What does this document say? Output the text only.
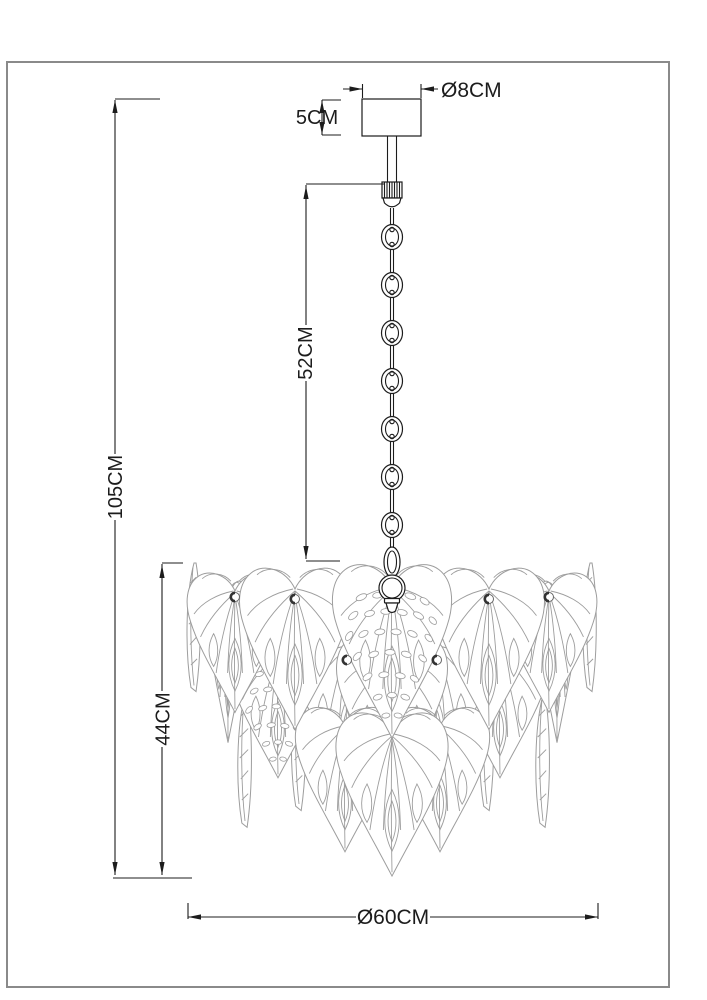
105CM
44CM
52CM
5CM
Ø8CM
Ø60CM
